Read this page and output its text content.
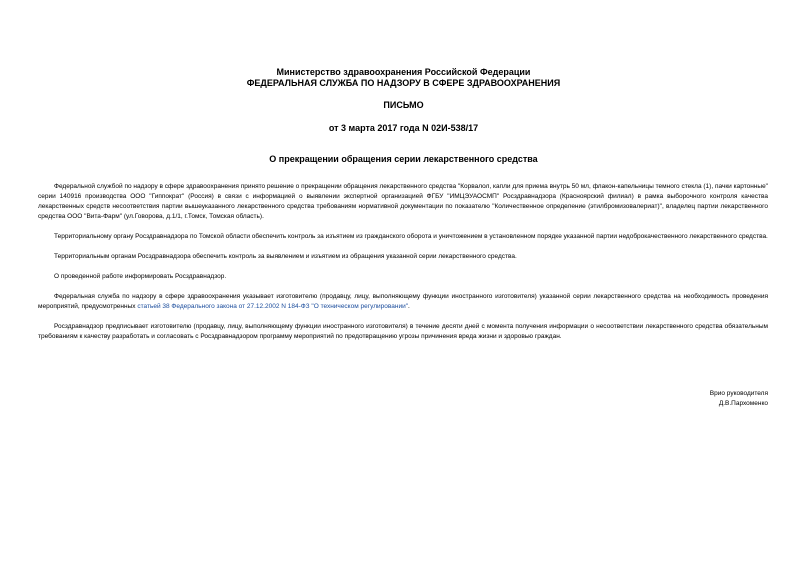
Министерство здравоохранения Российской Федерации
ФЕДЕРАЛЬНАЯ СЛУЖБА ПО НАДЗОРУ В СФЕРЕ ЗДРАВООХРАНЕНИЯ
ПИСЬМО
от 3 марта 2017 года N 02И-538/17
О прекращении обращения серии лекарственного средства

Федеральной службой по надзору в сфере здравоохранения принято решение о прекращении обращения лекарственного средства "Корвалол, капли для приема внутрь 50 мл, флакон-капельницы темного стекла (1), пачки картонные" серии 140916 производства ООО "Гиппократ" (Россия) в связи с информацией о выявлении экспертной организацией ФГБУ "ИМЦЭУАОСМП" Росздравнадзора (Красноярский филиал) в рамка выборочного контроля качества лекарственных средств несоответствия партии вышеуказанного лекарственного средства требованиям нормативной документации по показателю "Количественное определение (этилбромизовалериат)", владелец партии лекарственного средства ООО "Вита-Фарм" (ул.Говорова, д.1/1, г.Томск, Томская область).

Территориальному органу Росздравнадзора по Томской области обеспечить контроль за изъятием из гражданского оборота и уничтожением в установленном порядке указанной партии недоброкачественного лекарственного средства.

Территориальным органам Росздравнадзора обеспечить контроль за выявлением и изъятием из обращения указанной серии лекарственного средства.

О проведенной работе информировать Росздравнадзор.

Федеральная служба по надзору в сфере здравоохранения указывает изготовителю (продавцу, лицу, выполняющему функции иностранного изготовителя) указанной серии лекарственного средства на необходимость проведения мероприятий, предусмотренных статьей 38 Федерального закона от 27.12.2002 N 184-ФЗ "О техническом регулировании".

Росздравнадзор предписывает изготовителю (продавцу, лицу, выполняющему функции иностранного изготовителя) в течение десяти дней с момента получения информации о несоответствии лекарственного средства обязательным требованиям к качеству разработать и согласовать с Росздравнадзором программу мероприятий по предотвращению угрозы причинения вреда жизни и здоровью граждан.

Врио руководителя
Д.В.Пархоменко
